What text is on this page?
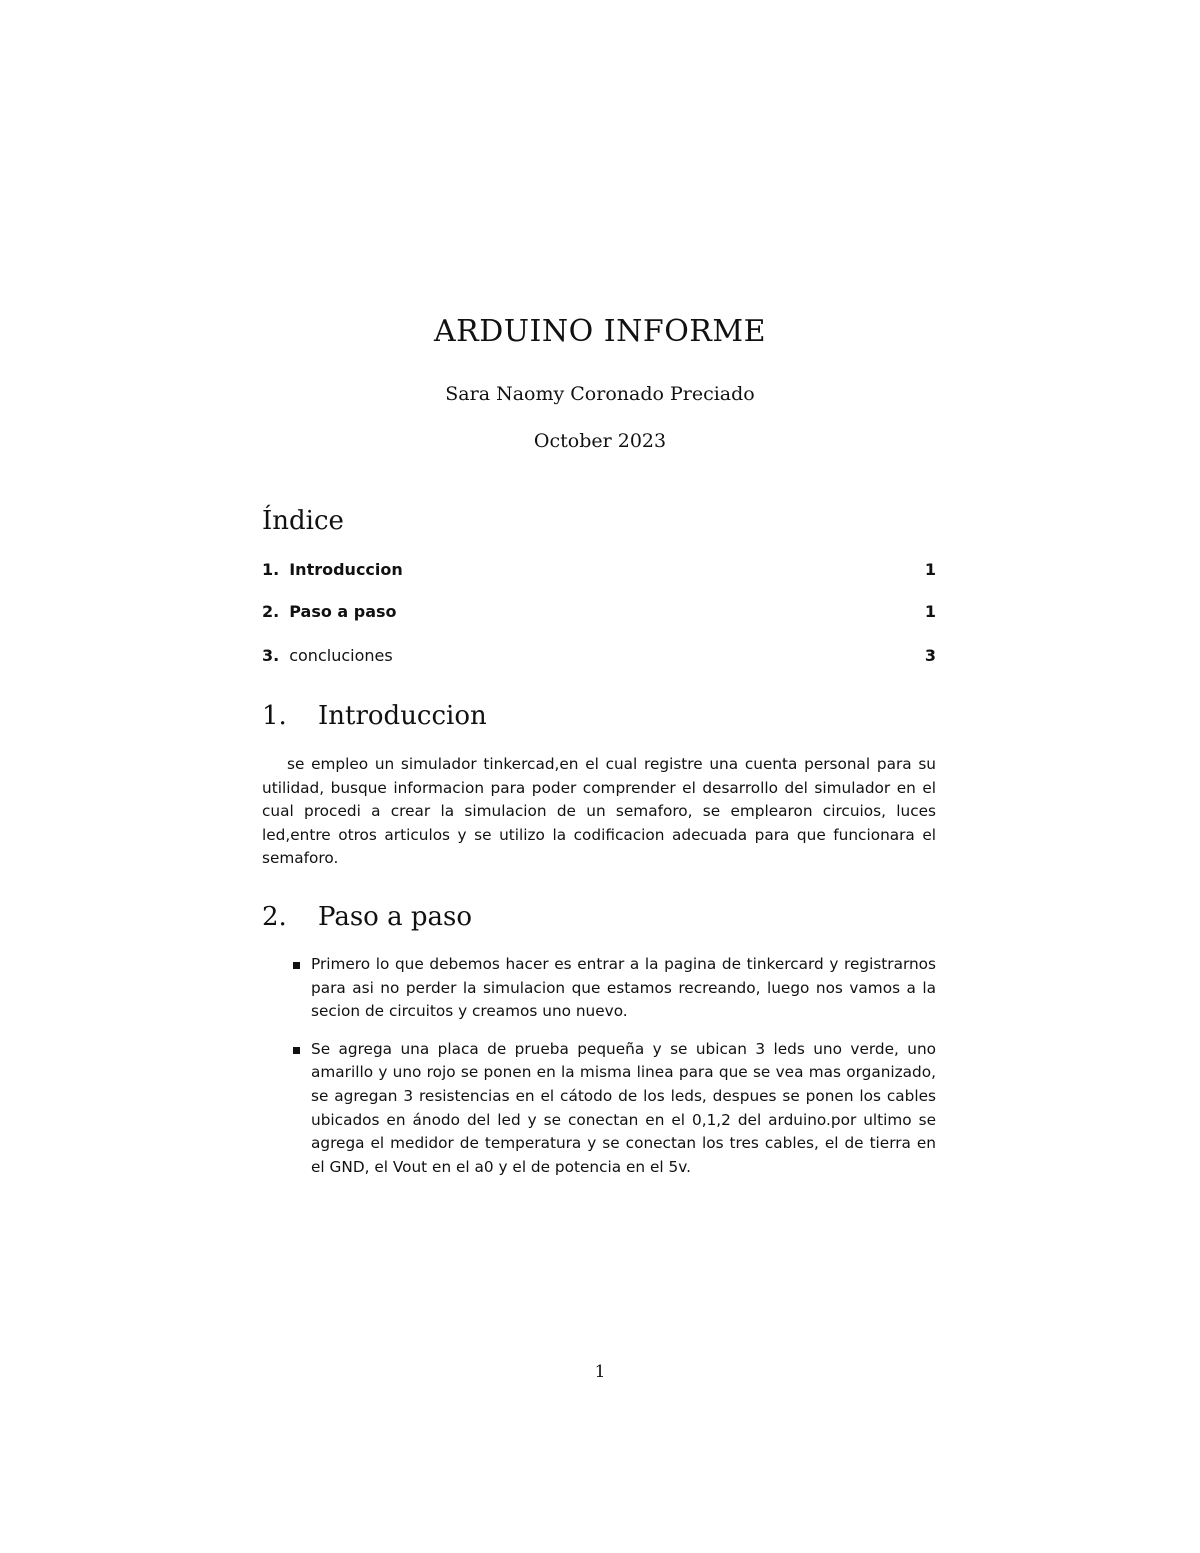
ARDUINO INFORME
Sara Naomy Coronado Preciado
October 2023
Índice
1. Introduccion	1
2. Paso a paso	1
3. concluciones	3
1. Introduccion

se empleo un simulador tinkercad,en el cual registre una cuenta personal para su utilidad, busque informacion para poder comprender el desarrollo del simulador en el cual procedi a crear la simulacion de un semaforo, se emplearon circuios, luces led,entre otros articulos y se utilizo la codificacion adecuada para que funcionara el semaforo.

2. Paso a paso
Primero lo que debemos hacer es entrar a la pagina de tinkercard y registrarnos para asi no perder la simulacion que estamos recreando, luego nos vamos a la secion de circuitos y creamos uno nuevo.
Se agrega una placa de prueba pequeña y se ubican 3 leds uno verde, uno amarillo y uno rojo se ponen en la misma linea para que se vea mas organizado, se agregan 3 resistencias en el cátodo de los leds, despues se ponen los cables ubicados en ánodo del led y se conectan en el 0,1,2 del arduino.por ultimo se agrega el medidor de temperatura y se conectan los tres cables, el de tierra en el GND, el Vout en el a0 y el de potencia en el 5v.
1
